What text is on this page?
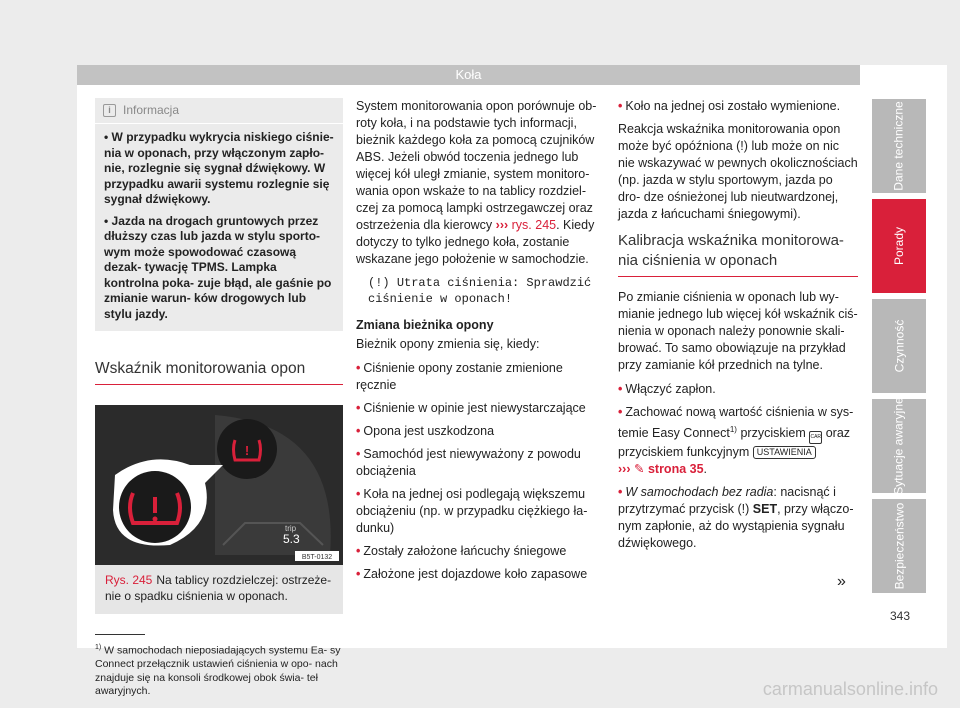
Koła
i	Informacja
• W przypadku wykrycia niskiego ciśnie- nia w oponach, przy włączonym zapło- nie, rozlegnie się sygnał dźwiękowy. W przypadku awarii systemu rozlegnie się sygnał dźwiękowy.
• Jazda na drogach gruntowych przez dłuższy czas lub jazda w stylu sporto- wym może spowodować czasową dezak- tywację TPMS. Lampka kontrolna poka- zuje błąd, ale gaśnie po zmianie warun- ków drogowych lub stylu jazdy.
Wskaźnik monitorowania opon
!
trip
5.3
B5T-0132
Rys. 245 Na tablicy rozdzielczej: ostrzeże- nie o spadku ciśnienia w oponach.
$^{1)}$ W samochodach nieposiadających systemu Ea- sy Connect przełącznik ustawień ciśnienia w opo- nach znajduje się na konsoli środkowej obok świa- teł awaryjnych.

System monitorowania opon porównuje ob- roty koła, i na podstawie tych informacji, bieżnik każdego koła za pomocą czujników ABS. Jeżeli obwód toczenia jednego lub więcej kół uległ zmianie, system monitoro- wania opon wskaże to na tablicy rozdziel- czej za pomocą lampki ostrzegawczej oraz ostrzeżenia dla kierowcy ››› rys. 245. Kiedy dotyczy to tylko jednego koła, zostanie wskazane jego położenie w samochodzie.

(!) Utrata ciśnienia: Sprawdzić ciśnienie w oponach!

Zmiana bieżnika opony

Bieżnik opony zmienia się, kiedy:

• Ciśnienie opony zostanie zmienione ręcznie

• Ciśnienie w opinie jest niewystarczające

• Opona jest uszkodzona

• Samochód jest niewyważony z powodu obciążenia

• Koła na jednej osi podlegają większemu obciążeniu (np. w przypadku ciężkiego ła- dunku)

• Zostały założone łańcuchy śniegowe

• Założone jest dojazdowe koło zapasowe

• Koło na jednej osi zostało wymienione.

Reakcja wskaźnika monitorowania opon może być opóźniona (!) lub może on nic nie wskazywać w pewnych okolicznościach (np. jazda w stylu sportowym, jazda po dro- dze ośnieżonej lub nieutwardzonej, jazda z łańcuchami śniegowymi).

Kalibracja wskaźnika monitorowa- nia ciśnienia w oponach

Po zmianie ciśnienia w oponach lub wy- mianie jednego lub więcej kół wskaźnik ciś- nienia w oponach należy ponownie skali- brować. To samo obowiązuje na przykład przy zamianie kół przednich na tylne.

• Włączyć zapłon.

• Zachować nową wartość ciśnienia w sys- temie Easy Connect$^{1)}$ przyciskiem CAR oraz przyciskiem funkcyjnym USTAWIENIA
››› ✎ strona 35.

• W samochodach bez radia: nacisnąć i przytrzymać przycisk (!) SET, przy włączo- nym zapłonie, aż do wystąpienia sygnału dźwiękowego.

»
Dane techniczne
Porady
Czynność
Sytuacje awaryjne
Bezpieczeństwo
343
carmanualsonline.info
